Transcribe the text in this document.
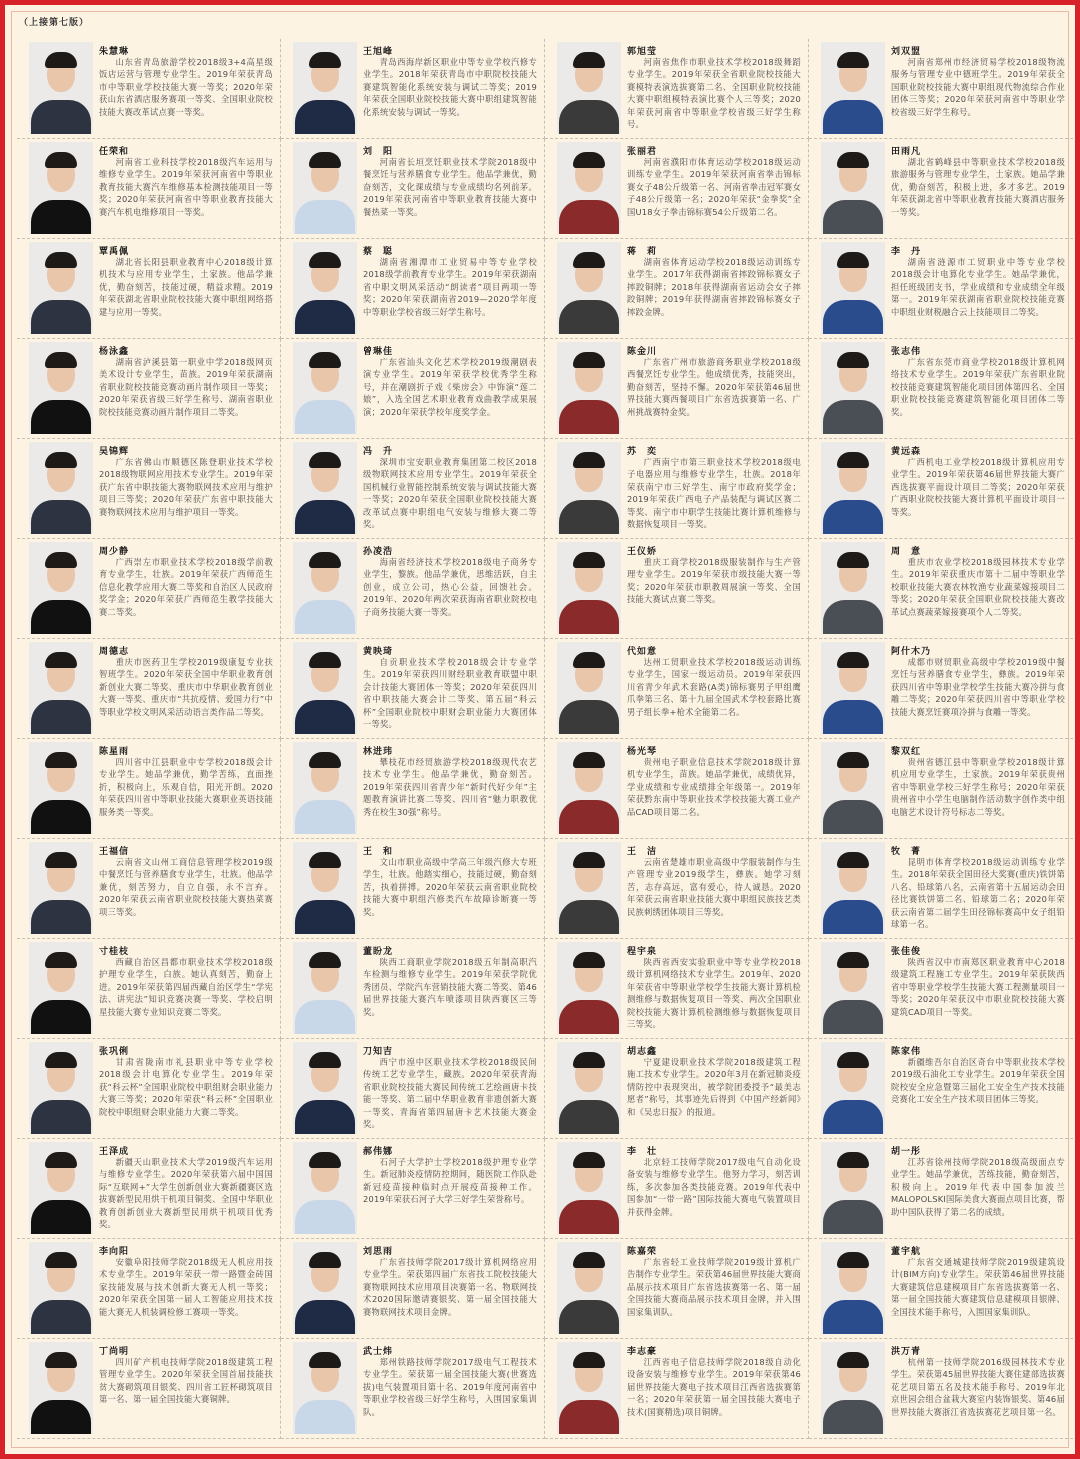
（上接第七版）
朱慧琳

山东省青岛旅游学校2018级3+4高星级饭店运营与管理专业学生。2019年荣获青岛市中等职业学校技能大赛一等奖；2020年荣获山东省酒店服务赛项一等奖、全国职业院校技能大赛改革试点赛一等奖。

王旭峰

青岛西海岸新区职业中等专业学校汽修专业学生。2018年荣获青岛市中职院校技能大赛建筑智能化系统安装与调试二等奖；2019年荣获全国职业院校技能大赛中职组建筑智能化系统安装与调试一等奖。

郭旭莹

河南省焦作市职业技术学校2018级舞蹈专业学生。2019年荣获全省职业院校技能大赛模特表演选拔赛第二名、全国职业院校技能大赛中职组模特表演比赛个人三等奖；2020年荣获河南省中等职业学校省级三好学生称号。

刘双盟

河南省郑州市经济贸易学校2018级物流服务与管理专业中德班学生。2019年荣获全国职业院校技能大赛中职组现代物流综合作业团体三等奖；2020年荣获河南省中等职业学校省级三好学生称号。

任荣和

河南省工业科技学校2018级汽车运用与维修专业学生。2019年荣获河南省中等职业教育技能大赛汽车维修基本检测技能项目一等奖；2020年荣获河南省中等职业教育技能大赛汽车机电维修项目一等奖。

刘　阳

河南省长垣烹饪职业技术学院2018级中餐烹饪与营养膳食专业学生。他品学兼优，勤奋刻苦，文化课成绩与专业成绩均名列前茅。2019年荣获河南省中等职业教育技能大赛中餐热菜一等奖。

张丽君

河南省濮阳市体育运动学校2018级运动训练专业学生。2019年荣获河南省拳击锦标赛女子48公斤级第一名、河南省拳击冠军赛女子48公斤级第一名；2020年荣获“金拳奖”全国U18女子拳击锦标赛54公斤级第二名。

田雨凡

湖北省鹤峰县中等职业技术学校2018级旅游服务与管理专业学生，土家族。她品学兼优，勤奋刻苦，积极上进，多才多艺。2019年荣获湖北省中等职业教育技能大赛酒店服务一等奖。

覃禹佩

湖北省长阳县职业教育中心2018级计算机技术与应用专业学生，土家族。他品学兼优，勤奋刻苦，技能过硬，精益求精。2019年荣获湖北省职业院校技能大赛中职组网络搭建与应用一等奖。

蔡　聪

湖南省湘潭市工业贸易中等专业学校2018级学前教育专业学生。2019年荣获湖南省中职文明风采活动“朗读者”项目两项一等奖；2020年荣获湖南省2019—2020学年度中等职业学校省级三好学生称号。

蒋　莉

湖南省体育运动学校2018级运动训练专业学生。2017年获得湖南省摔跤锦标赛女子摔跤铜牌；2018年获得湖南省运动会女子摔跤铜牌；2019年获得湖南省摔跤锦标赛女子摔跤金牌。

李　丹

湖南省涟源市工贸职业中等专业学校2018级会计电算化专业学生。她品学兼优，担任班级团支书，学业成绩和专业成绩全年级第一。2019年荣获湖南省职业院校技能竞赛中职组业财税融合云上技能项目二等奖。

杨泳鑫

湖南省泸溪县第一职业中学2018级网页美术设计专业学生，苗族。2019年荣获湖南省职业院校技能竞赛动画片制作项目一等奖；2020年荣获省级三好学生称号、湖南省职业院校技能竞赛动画片制作项目二等奖。

曾琳佳

广东省汕头文化艺术学校2019级潮剧表演专业学生。2019年荣获学校优秀学生称号，并在潮剧折子戏《柴房会》中饰演“莲二娘”，入选全国艺术职业教育戏曲教学成果展演；2020年荣获学校年度奖学金。

陈金川

广东省广州市旅游商务职业学校2018级西餐烹饪专业学生。他成绩优秀，技能突出，勤奋刻苦，坚持不懈。2020年荣获第46届世界技能大赛西餐项目广东省选拔赛第一名、广州挑战赛特金奖。

张志伟

广东省东莞市商业学校2018级计算机网络技术专业学生。2019年荣获广东省职业院校技能竞赛建筑智能化项目团体第四名、全国职业院校技能竞赛建筑智能化项目团体二等奖。

吴锦辉

广东省佛山市顺德区陈登职业技术学校2018级物联网应用技术专业学生。2019年荣获广东省中职技能大赛物联网技术应用与维护项目三等奖；2020年荣获广东省中职技能大赛物联网技术应用与维护项目一等奖。

冯　升

深圳市宝安职业教育集团第二校区2018级物联网技术应用专业学生。2019年荣获全国机械行业智能控制系统安装与调试技能大赛一等奖；2020年荣获全国职业院校技能大赛改革试点赛中职组电气安装与维修大赛二等奖。

苏　奕

广西南宁市第三职业技术学校2018级电子电器应用与维修专业学生，壮族。2018年荣获南宁市三好学生、南宁市政府奖学金；2019年荣获广西电子产品装配与调试区赛二等奖、南宁市中职学生技能比赛计算机维修与数据恢复项目一等奖。

黄远森

广西机电工业学校2018级计算机应用专业学生。2019年荣获第46届世界技能大赛广西选拔赛平面设计项目二等奖；2020年荣获广西职业院校技能大赛计算机平面设计项目一等奖。

周少静

广西崇左市职业技术学校2018级学前教育专业学生，壮族。2019年荣获广西师范生信息化教学应用大赛二等奖和自治区人民政府奖学金；2020年荣获广西师范生教学技能大赛二等奖。

孙凌浩

海南省经济技术学校2018级电子商务专业学生，黎族。他品学兼优，思维活跃，自主创业，成立公司，热心公益，回馈社会。2019年、2020年两次荣获海南省职业院校电子商务技能大赛一等奖。

王仪娇

重庆工商学校2018级服装制作与生产管理专业学生。2019年荣获市级技能大赛一等奖；2020年荣获市职教周展演一等奖、全国技能大赛试点赛二等奖。

周　意

重庆市农业学校2018级园林技术专业学生。2019年荣获重庆市第十二届中等职业学校职业技能大赛农林牧渔专业蔬菜嫁接项目二等奖；2020年荣获全国职业院校技能大赛改革试点赛蔬菜嫁接赛项个人二等奖。

周德志

重庆市医药卫生学校2019级康复专业扶智班学生。2020年荣获全国中华职业教育创新创业大赛二等奖、重庆市中华职业教育创业大赛一等奖、重庆市“共抗疫情、爱国力行”中等职业学校文明风采活动语言类作品二等奖。

黄映琦

自贡职业技术学校2018级会计专业学生。2019年荣获四川财经职业教育联盟中职会计技能大赛团体一等奖；2020年荣获四川省中职技能大赛会计二等奖、第五届“科云杯”全国职业院校中职财会职业能力大赛团体一等奖。

代如意

达州工贸职业技术学校2018级运动训练专业学生，国家一级运动员。2019年荣获四川省青少年武术套路(A类)锦标赛男子甲组鹰爪拳第三名、第十九届全国武术学校套路比赛男子组长拳+枪术全能第二名。

阿什木乃

成都市财贸职业高级中学校2019级中餐烹饪与营养膳食专业学生，彝族。2019年荣获四川省中等职业学校学生技能大赛冷拼与食雕二等奖；2020年荣获四川省中等职业学校技能大赛烹饪赛项冷拼与食雕一等奖。

陈星雨

四川省中江县职业中专学校2018级会计专业学生。她品学兼优，勤学苦练，直面挫折，积极向上，乐观自信，阳光开朗。2020年荣获四川省中等职业技能大赛职业英语技能服务类一等奖。

林进玮

攀枝花市经贸旅游学校2018级现代农艺技术专业学生。他品学兼优，勤奋刻苦。2019年荣获四川省青少年“新时代好少年”主题教育演讲比赛二等奖、四川省“魅力职教优秀在校生30强”称号。

杨光琴

贵州电子职业信息技术学院2018级计算机专业学生，苗族。她品学兼优，成绩优异，学业成绩和专业成绩排全年级第一。2019年荣获黔东南中等职业技术学校技能大赛工业产品CAD项目第二名。

黎双红

贵州省德江县中等职业学校2018级计算机应用专业学生，土家族。2019年荣获贵州省中等职业学校三好学生称号；2020年荣获贵州省中小学生电脑制作活动数字创作类中组电脑艺术设计符号标志二等奖。

王福信

云南省文山州工商信息管理学校2019级中餐烹饪与营养膳食专业学生，壮族。他品学兼优，刻苦努力，自立自强，永不言弃。2020年荣获云南省职业院校技能大赛热菜赛项三等奖。

王　和

文山市职业高级中学高三年级汽修大专班学生，壮族。他踏实细心，技能过硬，勤奋刻苦，执着拼搏。2020年荣获云南省职业院校技能大赛中职组汽修类汽车故障诊断赛一等奖。

王　洁

云南省楚雄市职业高级中学服装制作与生产管理专业2019级学生，彝族。她学习刻苦，志存高远，富有爱心，待人诚恳。2020年荣获云南省职业技能大赛中职组民族技艺类民族刺绣团体项目三等奖。

牧　菁

昆明市体育学校2018级运动训练专业学生。2018年荣获全国田径大奖赛(重庆)铁饼第八名、铅球第八名，云南省第十五届运动会田径比赛铁饼第二名、铅球第二名；2020年荣获云南省第二届学生田径锦标赛高中女子组铅球第一名。

寸桂枝

西藏自治区昌都市职业技术学校2018级护理专业学生，白族。她认真刻苦，勤奋上进。2019年荣获第四届西藏自治区学生“学宪法、讲宪法”知识竞赛决赛一等奖、学校启明星技能大赛专业知识竞赛二等奖。

董盼龙

陕西工商职业学院2018级五年制高职汽车检测与维修专业学生。2019年荣获学院优秀团员、学院汽车营销技能大赛二等奖、第46届世界技能大赛汽车喷漆项目陕西赛区三等奖。

程宇泉

陕西省西安实验职业中等专业学校2018级计算机网络技术专业学生。2019年、2020年荣获省中等职业学校学生技能大赛计算机检测维修与数据恢复项目一等奖、两次全国职业院校技能大赛计算机检测维修与数据恢复项目三等奖。

张佳俊

陕西省汉中市南郑区职业教育中心2018级建筑工程施工专业学生。2019年荣获陕西省中等职业学校学生技能大赛工程测量项目一等奖；2020年荣获汉中市职业院校技能大赛建筑CAD项目一等奖。

张巩俐

甘肃省陇南市礼县职业中等专业学校2018级会计电算化专业学生。2019年荣获“科云杯”全国职业院校中职组财会职业能力大赛三等奖；2020年荣获“科云杯”全国职业院校中职组财会职业能力大赛二等奖。

刀知吉

西宁市湟中区职业技术学校2018级民间传统工艺专业学生，藏族。2020年荣获青海省职业院校技能大赛民间传统工艺绘画唐卡技能一等奖、第二届中华职业教育非遗创新大赛一等奖、青海省第四届唐卡艺术技能大赛金奖。

胡志鑫

宁夏建设职业技术学院2018级建筑工程施工技术专业学生。2020年3月在新冠肺炎疫情防控中表现突出，被学院团委授予“最美志愿者”称号，其事迹先后得到《中国产经新闻》和《吴忠日报》的报道。

陈家伟

新疆维吾尔自治区奇台中等职业技术学校2019级石油化工专业学生。2019年荣获全国院校安全应急暨第三届化工安全生产技术技能竞赛化工安全生产技术项目团体三等奖。

王泽成

新疆天山职业技术大学2019级汽车运用与维修专业学生。2020年荣获第六届中国国际“互联网+”大学生创新创业大赛新疆赛区选拔赛新型民用烘干机项目铜奖、全国中华职业教育创新创业大赛新型民用烘干机项目优秀奖。

郝伟娜

石河子大学护士学校2018级护理专业学生。新冠肺炎疫情防控期间，随医院工作队赴新冠疫苗接种临时点开展疫苗接种工作。2019年荣获石河子大学三好学生荣誉称号。

李　壮

北京轻工技师学院2017级电气自动化设备安装与维修专业学生。他努力学习，刻苦训练，多次参加各类技能竞赛。2019年代表中国参加“一带一路”国际技能大赛电气装置项目并获得金牌。

胡一彤

江苏省徐州技师学院2018级高级面点专业学生。她品学兼优，苦练技能，勤奋刻苦，积极向上。2019年代表中国参加波兰MALOPOLSKI国际美食大赛面点项目比赛，帮助中国队获得了第二名的成绩。

李向阳

安徽阜阳技师学院2018级无人机应用技术专业学生。2019年荣获一带一路暨金砖国家技能发展与技术创新大赛无人机一等奖；2020年荣获全国第一届人工智能应用技术技能大赛无人机装调检修工赛项一等奖。

刘思雨

广东省技师学院2017级计算机网络应用专业学生。荣获第四届广东省技工院校技能大赛物联网技术应用项目决赛第一名、物联网技术2020国际邀请赛银奖、第一届全国技能大赛物联网技术项目金牌。

陈嘉荣

广东省轻工业技师学院2019级计算机广告制作专业学生。荣获第46届世界技能大赛商品展示技术项目广东省选拔赛第一名、第一届全国技能大赛商品展示技术项目金牌，并入围国家集训队。

董宇航

广东省交通城建技师学院2019级建筑设计(BIM方向)专业学生。荣获第46届世界技能大赛建筑信息建模项目广东省选拔赛第一名、第一届全国技能大赛建筑信息建模项目银牌、全国技术能手称号，入围国家集训队。

丁尚明

四川矿产机电技师学院2018级建筑工程管理专业学生。2020年荣获全国首届技能扶贫大赛砌筑项目银奖、四川省工匠杯砌筑项目第一名、第一届全国技能大赛铜牌。

武士炜

郑州铁路技师学院2017级电气工程技术专业学生。荣获第一届全国技能大赛(世赛选拔)电气装置项目第十名、2019年度河南省中等职业学校省级三好学生称号，入围国家集训队。

李志豪

江西省电子信息技师学院2018级自动化设备安装与维修专业学生。2019年荣获第46届世界技能大赛电子技术项目江西省选拔赛第一名；2020年荣获第一届全国技能大赛电子技术(国赛精选)项目铜牌。

洪万青

杭州第一技师学院2016级园林技术专业学生。荣获第45届世界技能大赛住建部选拔赛花艺项目第五名及技术能手称号、2019年北京世园会组合盆栽大赛室内装饰银奖、第46届世界技能大赛浙江省选拔赛花艺项目第一名。
